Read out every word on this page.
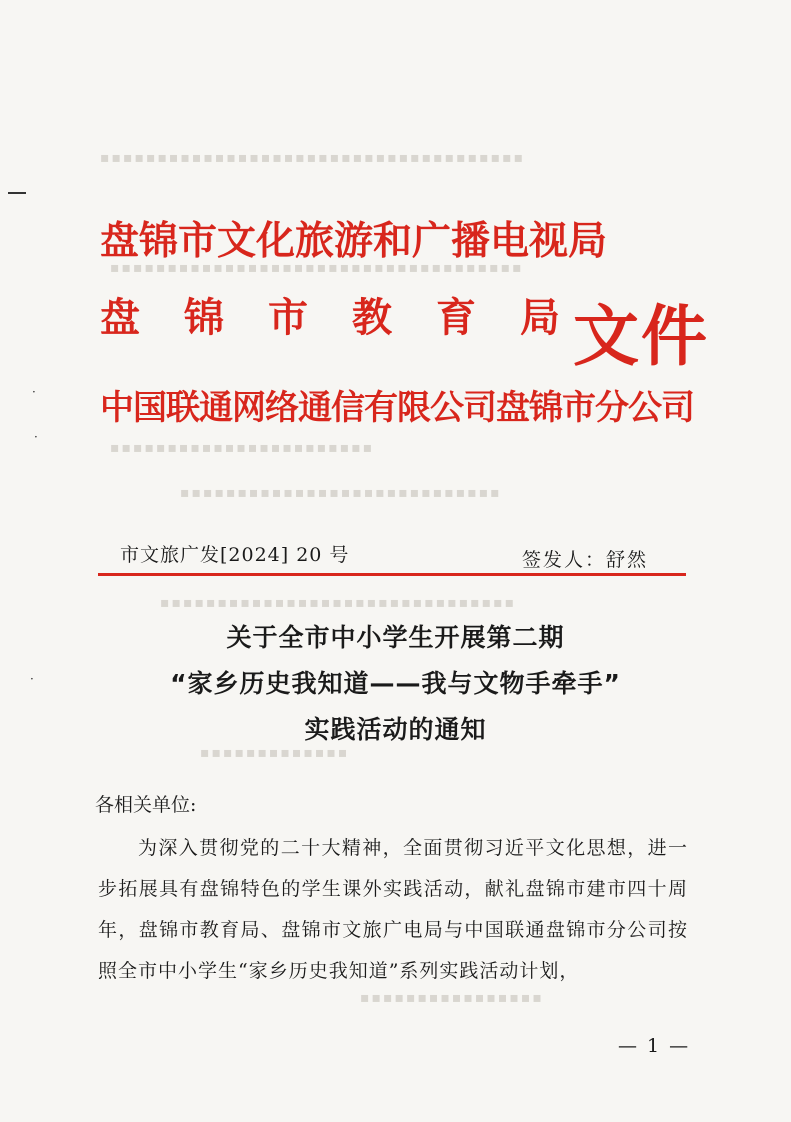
▪▪▪▪▪▪▪▪▪▪▪▪▪▪▪▪▪▪▪▪▪▪▪▪▪▪▪▪▪▪▪▪▪▪▪▪▪
▪▪▪▪▪▪▪▪▪▪▪▪▪▪▪▪▪▪▪▪▪▪▪▪▪▪▪▪▪▪▪▪▪▪▪▪
▪▪▪▪▪▪▪▪▪▪▪▪▪▪▪▪▪▪▪▪▪▪▪
▪▪▪▪▪▪▪▪▪▪▪▪▪▪▪▪▪▪▪▪▪▪▪▪▪▪▪▪
▪▪▪▪▪▪▪▪▪▪▪▪▪▪▪▪▪▪▪▪▪▪▪▪▪▪▪▪▪▪▪
▪▪▪▪▪▪▪▪▪▪▪▪▪
▪▪▪▪▪▪▪▪▪▪▪▪▪▪▪▪
·
·
·
盘锦市文化旅游和广播电视局
盘 锦 市 教 育 局
中国联通网络通信有限公司盘锦市分公司
文件
市文旅广发[2024] 20 号	签发人：舒然
关于全市中小学生开展第二期
“家乡历史我知道——我与文物手牵手”
实践活动的通知
各相关单位:

为深入贯彻党的二十大精神，全面贯彻习近平文化思想，进一步拓展具有盘锦特色的学生课外实践活动，献礼盘锦市建市四十周年，盘锦市教育局、盘锦市文旅广电局与中国联通盘锦市分公司按照全市中小学生“家乡历史我知道”系列实践活动计划，

— 1 —
